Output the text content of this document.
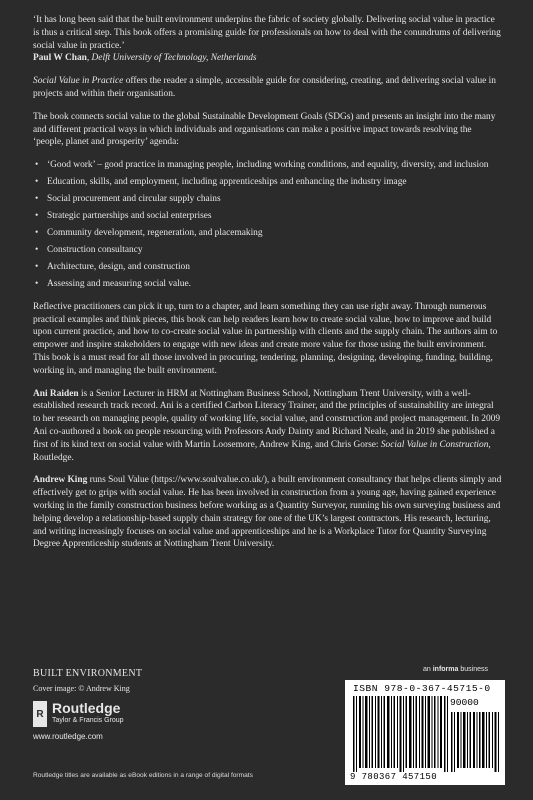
‘It has long been said that the built environment underpins the fabric of society globally. Delivering social value in practice is thus a critical step. This book offers a promising guide for professionals on how to deal with the conundrums of delivering social value in practice.’
Paul W Chan, Delft University of Technology, Netherlands

Social Value in Practice offers the reader a simple, accessible guide for considering, creating, and delivering social value in projects and within their organisation.

The book connects social value to the global Sustainable Development Goals (SDGs) and presents an insight into the many and different practical ways in which individuals and organisations can make a positive impact towards resolving the ‘people, planet and prosperity’ agenda:

• ‘Good work’ – good practice in managing people, including working conditions, and equality, diversity, and inclusion
• Education, skills, and employment, including apprenticeships and enhancing the industry image
• Social procurement and circular supply chains
• Strategic partnerships and social enterprises
• Community development, regeneration, and placemaking
• Construction consultancy
• Architecture, design, and construction
• Assessing and measuring social value.

Reflective practitioners can pick it up, turn to a chapter, and learn something they can use right away. Through numerous practical examples and think pieces, this book can help readers learn how to create social value, how to improve and build upon current practice, and how to co-create social value in partnership with clients and the supply chain. The authors aim to empower and inspire stakeholders to engage with new ideas and create more value for those using the built environment. This book is a must read for all those involved in procuring, tendering, planning, designing, developing, funding, building, working in, and managing the built environment.

Ani Raiden is a Senior Lecturer in HRM at Nottingham Business School, Nottingham Trent University, with a well-established research track record. Ani is a certified Carbon Literacy Trainer, and the principles of sustainability are integral to her research on managing people, quality of working life, social value, and construction and project management. In 2009 Ani co-authored a book on people resourcing with Professors Andy Dainty and Richard Neale, and in 2019 she published a first of its kind text on social value with Martin Loosemore, Andrew King, and Chris Gorse: Social Value in Construction, Routledge.

Andrew King runs Soul Value (https://www.soulvalue.co.uk/), a built environment consultancy that helps clients simply and effectively get to grips with social value. He has been involved in construction from a young age, having gained experience working in the family construction business before working as a Quantity Surveyor, running his own surveying business and helping develop a relationship-based supply chain strategy for one of the UK’s largest contractors. His research, lecturing, and writing increasingly focuses on social value and apprenticeships and he is a Workplace Tutor for Quantity Surveying Degree Apprenticeship students at Nottingham Trent University.

BUILT ENVIRONMENT
Cover image: © Andrew King
R Routledge
Taylor & Francis Group
www.routledge.com
Routledge titles are available as eBook editions in a range of digital formats
an informa business
ISBN 978-0-367-45715-0
90000
9 780367 457150
